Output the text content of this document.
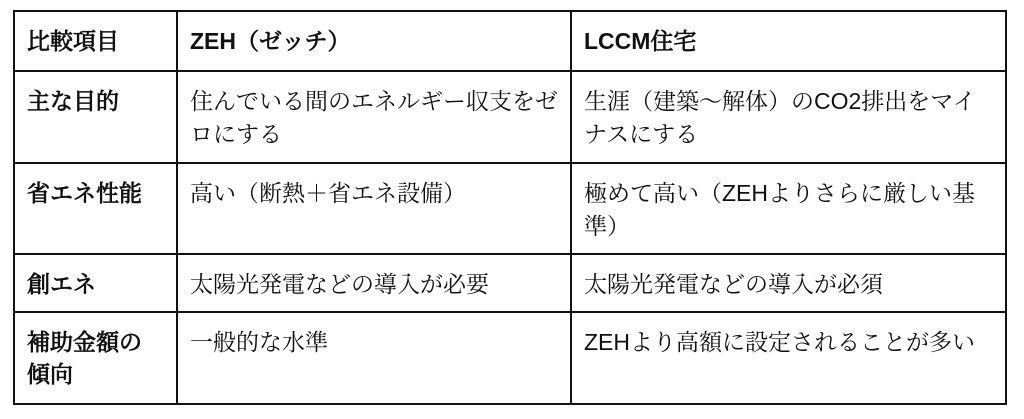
比較項目	ZEH（ゼッチ）	LCCM住宅
主な目的	住んでいる間のエネルギー収支をゼロにする	生涯（建築〜解体）のCO2排出をマイナスにする
省エネ性能	高い（断熱＋省エネ設備）	極めて高い（ZEHよりさらに厳しい基準）
創エネ	太陽光発電などの導入が必要	太陽光発電などの導入が必須
補助金額の傾向	一般的な水準	ZEHより高額に設定されることが多い
